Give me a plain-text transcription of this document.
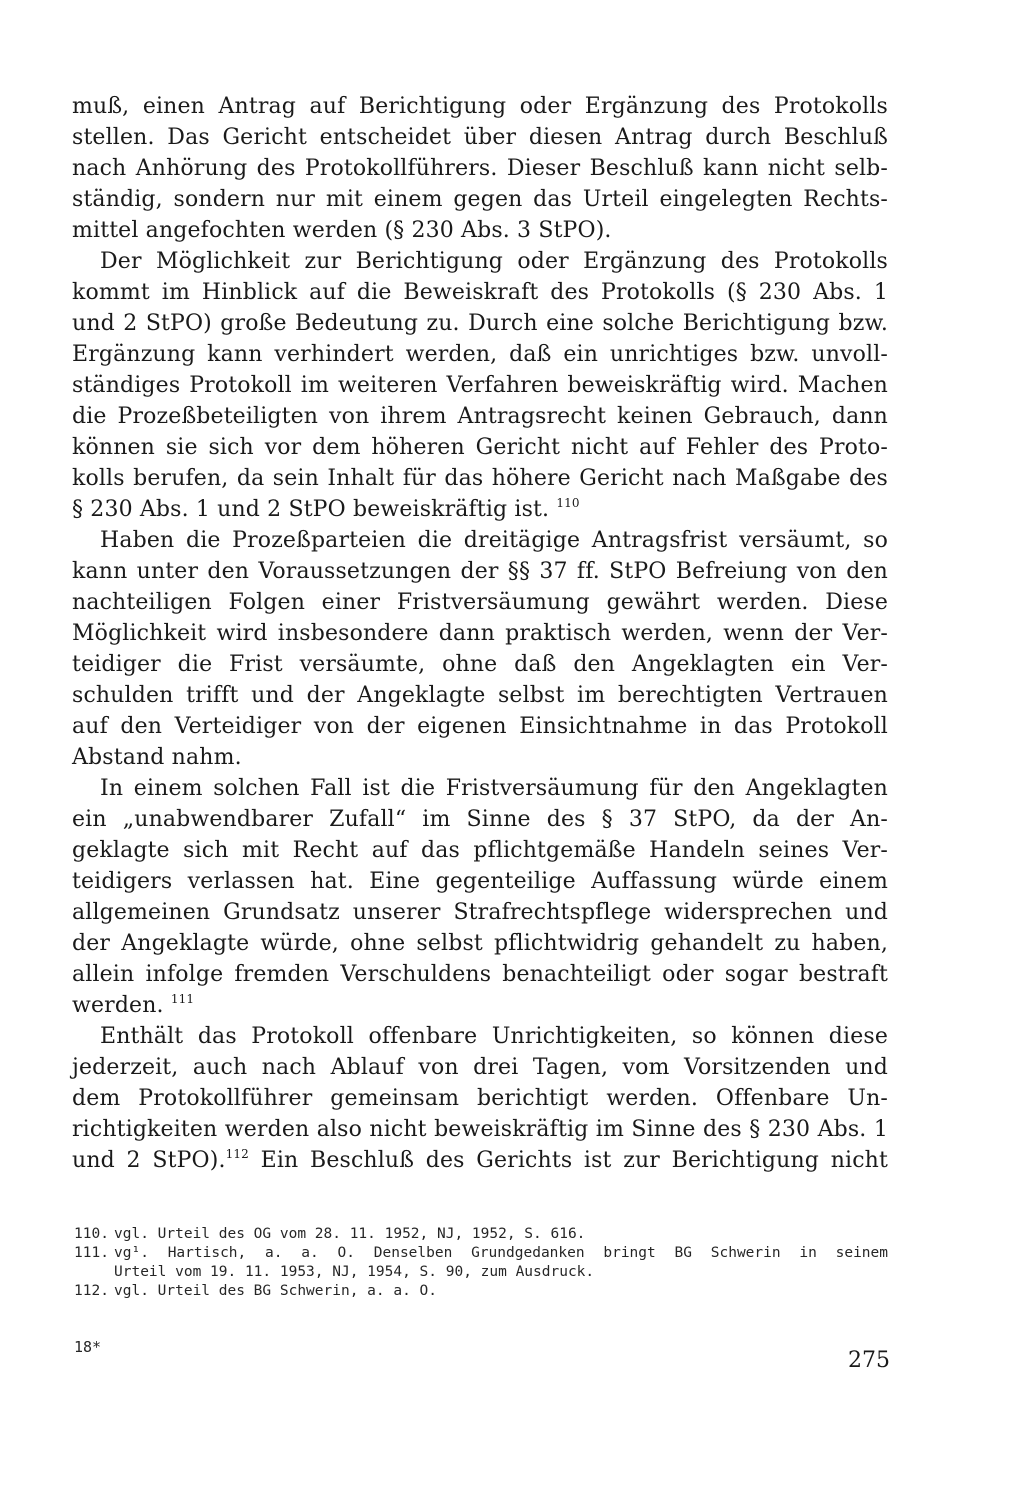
muß, einen Antrag auf Berichtigung oder Ergänzung des Protokolls
stellen. Das Gericht entscheidet über diesen Antrag durch Beschluß
nach Anhörung des Protokollführers. Dieser Beschluß kann nicht selb-
ständig, sondern nur mit einem gegen das Urteil eingelegten Rechts-
mittel angefochten werden (§ 230 Abs. 3 StPO).
Der Möglichkeit zur Berichtigung oder Ergänzung des Protokolls
kommt im Hinblick auf die Beweiskraft des Protokolls (§ 230 Abs. 1
und 2 StPO) große Bedeutung zu. Durch eine solche Berichtigung bzw.
Ergänzung kann verhindert werden, daß ein unrichtiges bzw. unvoll-
ständiges Protokoll im weiteren Verfahren beweiskräftig wird. Machen
die Prozeßbeteiligten von ihrem Antragsrecht keinen Gebrauch, dann
können sie sich vor dem höheren Gericht nicht auf Fehler des Proto-
kolls berufen, da sein Inhalt für das höhere Gericht nach Maßgabe des
§ 230 Abs. 1 und 2 StPO beweiskräftig ist. $^{110}$
Haben die Prozeßparteien die dreitägige Antragsfrist versäumt, so
kann unter den Voraussetzungen der §§ 37 ff. StPO Befreiung von den
nachteiligen Folgen einer Fristversäumung gewährt werden. Diese
Möglichkeit wird insbesondere dann praktisch werden, wenn der Ver-
teidiger die Frist versäumte, ohne daß den Angeklagten ein Ver-
schulden trifft und der Angeklagte selbst im berechtigten Vertrauen
auf den Verteidiger von der eigenen Einsichtnahme in das Protokoll
Abstand nahm.
In einem solchen Fall ist die Fristversäumung für den Angeklagten
ein „unabwendbarer Zufall“ im Sinne des § 37 StPO, da der An-
geklagte sich mit Recht auf das pflichtgemäße Handeln seines Ver-
teidigers verlassen hat. Eine gegenteilige Auffassung würde einem
allgemeinen Grundsatz unserer Strafrechtspflege widersprechen und
der Angeklagte würde, ohne selbst pflichtwidrig gehandelt zu haben,
allein infolge fremden Verschuldens benachteiligt oder sogar bestraft
werden. $^{111}$
Enthält das Protokoll offenbare Unrichtigkeiten, so können diese
jederzeit, auch nach Ablauf von drei Tagen, vom Vorsitzenden und
dem Protokollführer gemeinsam berichtigt werden. Offenbare Un-
richtigkeiten werden also nicht beweiskräftig im Sinne des § 230 Abs. 1
und 2 StPO).$^{112}$ Ein Beschluß des Gerichts ist zur Berichtigung nicht
110. vgl. Urteil des OG vom 28. 11. 1952, NJ, 1952, S. 616.
111. vg¹. Hartisch, a. a. O. Denselben Grundgedanken bringt BG Schwerin in seinem
Urteil vom 19. 11. 1953, NJ, 1954, S. 90, zum Ausdruck.
112. vgl. Urteil des BG Schwerin, a. a. O.
18*
275
